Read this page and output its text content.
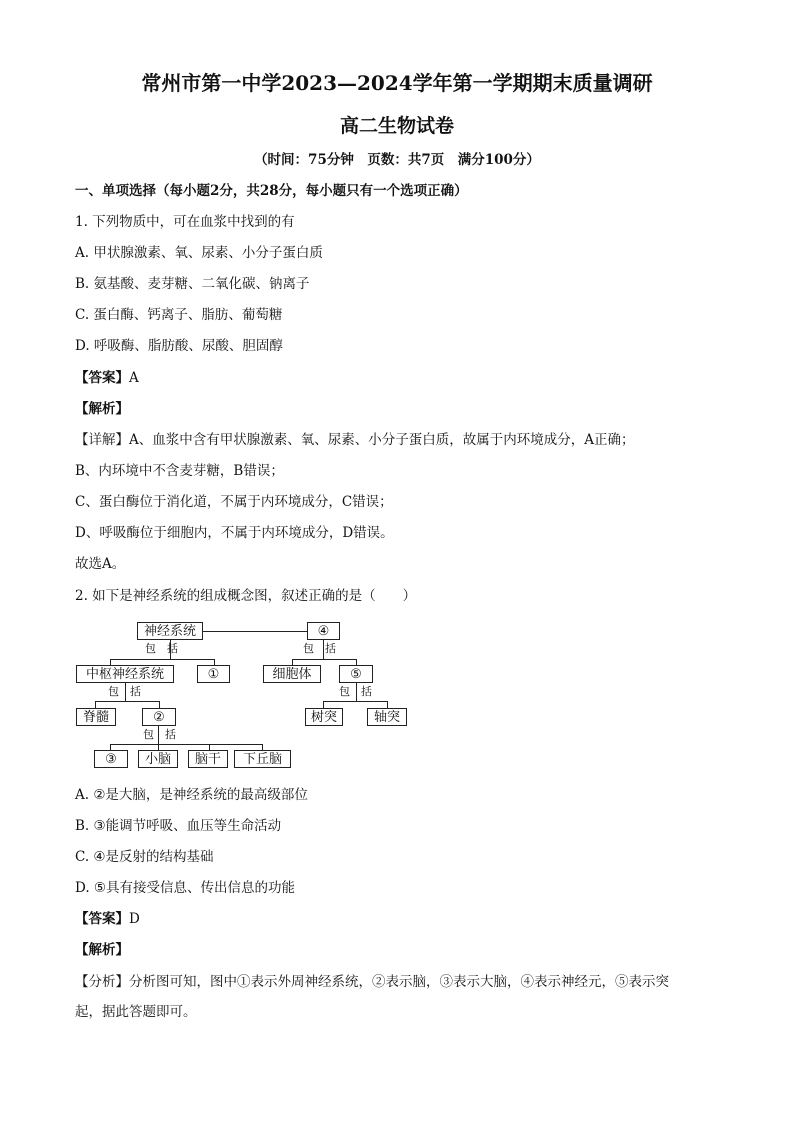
常州市第一中学2023—2024学年第一学期期末质量调研
高二生物试卷
（时间：75分钟　页数：共7页　满分100分）
一、单项选择（每小题2分，共28分，每小题只有一个选项正确）
1. 下列物质中，可在血浆中找到的有
A. 甲状腺激素、氧、尿素、小分子蛋白质
B. 氨基酸、麦芽糖、二氧化碳、钠离子
C. 蛋白酶、钙离子、脂肪、葡萄糖
D. 呼吸酶、脂肪酸、尿酸、胆固醇
【答案】A
【解析】
【详解】A、血浆中含有甲状腺激素、氧、尿素、小分子蛋白质，故属于内环境成分，A正确；
B、内环境中不含麦芽糖，B错误；
C、蛋白酶位于消化道，不属于内环境成分，C错误；
D、呼吸酶位于细胞内，不属于内环境成分，D错误。
故选A。
2. 如下是神经系统的组成概念图，叙述正确的是（　　）
包　括	包　括
包　括	包　括
包　括
神经系统	④
中枢神经系统	①	细胞体	⑤
脊髓	②	树突	轴突
③	小脑	脑干	下丘脑
A. ②是大脑，是神经系统的最高级部位
B. ③能调节呼吸、血压等生命活动
C. ④是反射的结构基础
D. ⑤具有接受信息、传出信息的功能
【答案】D
【解析】
【分析】分析图可知，图中①表示外周神经系统，②表示脑，③表示大脑，④表示神经元，⑤表示突
起，据此答题即可。
